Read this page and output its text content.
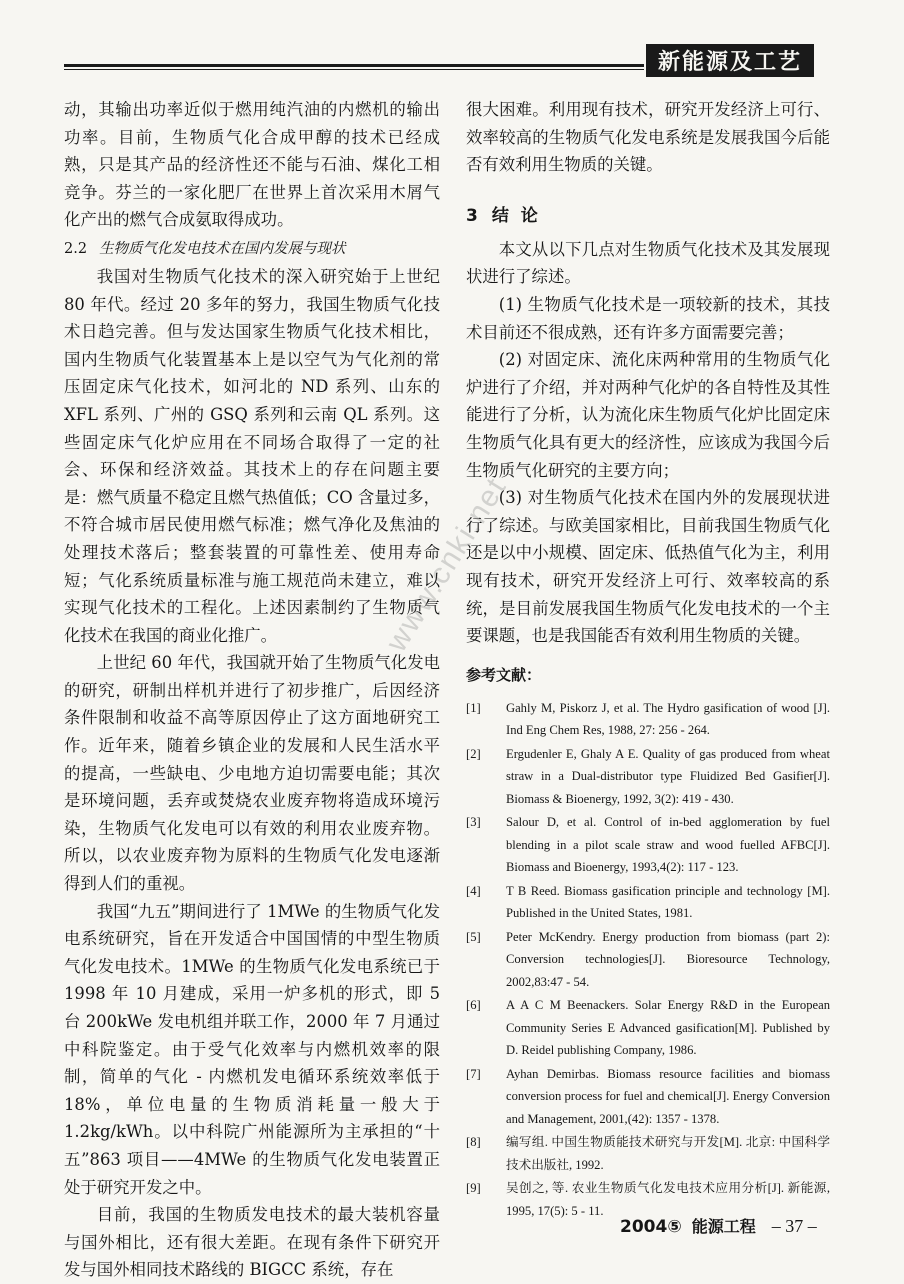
新能源及工艺

动，其输出功率近似于燃用纯汽油的内燃机的输出功率。目前，生物质气化合成甲醇的技术已经成熟，只是其产品的经济性还不能与石油、煤化工相竞争。芬兰的一家化肥厂在世界上首次采用木屑气化产出的燃气合成氨取得成功。

2.2 生物质气化发电技术在国内发展与现状

我国对生物质气化技术的深入研究始于上世纪 80 年代。经过 20 多年的努力，我国生物质气化技术日趋完善。但与发达国家生物质气化技术相比，国内生物质气化装置基本上是以空气为气化剂的常压固定床气化技术，如河北的 ND 系列、山东的 XFL 系列、广州的 GSQ 系列和云南 QL 系列。这些固定床气化炉应用在不同场合取得了一定的社会、环保和经济效益。其技术上的存在问题主要是：燃气质量不稳定且燃气热值低；CO 含量过多，不符合城市居民使用燃气标准；燃气净化及焦油的处理技术落后；整套装置的可靠性差、使用寿命短；气化系统质量标准与施工规范尚未建立，难以实现气化技术的工程化。上述因素制约了生物质气化技术在我国的商业化推广。

上世纪 60 年代，我国就开始了生物质气化发电的研究，研制出样机并进行了初步推广，后因经济条件限制和收益不高等原因停止了这方面地研究工作。近年来，随着乡镇企业的发展和人民生活水平的提高，一些缺电、少电地方迫切需要电能；其次是环境问题，丢弃或焚烧农业废弃物将造成环境污染，生物质气化发电可以有效的利用农业废弃物。所以，以农业废弃物为原料的生物质气化发电逐渐得到人们的重视。

我国“九五”期间进行了 1MWe 的生物质气化发电系统研究，旨在开发适合中国国情的中型生物质气化发电技术。1MWe 的生物质气化发电系统已于 1998 年 10 月建成，采用一炉多机的形式，即 5 台 200kWe 发电机组并联工作，2000 年 7 月通过中科院鉴定。由于受气化效率与内燃机效率的限制，简单的气化 - 内燃机发电循环系统效率低于 18%，单位电量的生物质消耗量一般大于 1.2kg/kWh。以中科院广州能源所为主承担的“十五”863 项目——4MWe 的生物质气化发电装置正处于研究开发之中。

目前，我国的生物质发电技术的最大装机容量与国外相比，还有很大差距。在现有条件下研究开发与国外相同技术路线的 BIGCC 系统，存在

很大困难。利用现有技术，研究开发经济上可行、效率较高的生物质气化发电系统是发展我国今后能否有效利用生物质的关键。

3 结 论

本文从以下几点对生物质气化技术及其发展现状进行了综述。

(1) 生物质气化技术是一项较新的技术，其技术目前还不很成熟，还有许多方面需要完善；

(2) 对固定床、流化床两种常用的生物质气化炉进行了介绍，并对两种气化炉的各自特性及其性能进行了分析，认为流化床生物质气化炉比固定床生物质气化具有更大的经济性，应该成为我国今后生物质气化研究的主要方向；

(3) 对生物质气化技术在国内外的发展现状进行了综述。与欧美国家相比，目前我国生物质气化还是以中小规模、固定床、低热值气化为主，利用现有技术，研究开发经济上可行、效率较高的系统，是目前发展我国生物质气化发电技术的一个主要课题，也是我国能否有效利用生物质的关键。

参考文献：
[1] Gahly M, Piskorz J, et al. The Hydro gasification of wood [J]. Ind Eng Chem Res, 1988, 27: 256 - 264.
[2] Ergudenler E, Ghaly A E. Quality of gas produced from wheat straw in a Dual-distributor type Fluidized Bed Gasifier[J]. Biomass & Bioenergy, 1992, 3(2): 419 - 430.
[3] Salour D, et al. Control of in-bed agglomeration by fuel blending in a pilot scale straw and wood fuelled AFBC[J]. Biomass and Bioenergy, 1993,4(2): 117 - 123.
[4] T B Reed. Biomass gasification principle and technology [M]. Published in the United States, 1981.
[5] Peter McKendry. Energy production from biomass (part 2): Conversion technologies[J]. Bioresource Technology, 2002,83:47 - 54.
[6] A A C M Beenackers. Solar Energy R&D in the European Community Series E Advanced gasification[M]. Published by D. Reidel publishing Company, 1986.
[7] Ayhan Demirbas. Biomass resource facilities and biomass conversion process for fuel and chemical[J]. Energy Conversion and Management, 2001,(42): 1357 - 1378.
[8] 编写组. 中国生物质能技术研究与开发[M]. 北京: 中国科学技术出版社, 1992.
[9] 吴创之, 等. 农业生物质气化发电技术应用分析[J]. 新能源, 1995, 17(5): 5 - 11.
www.cnki.net
2004⑤ 能源工程 – 37 –
